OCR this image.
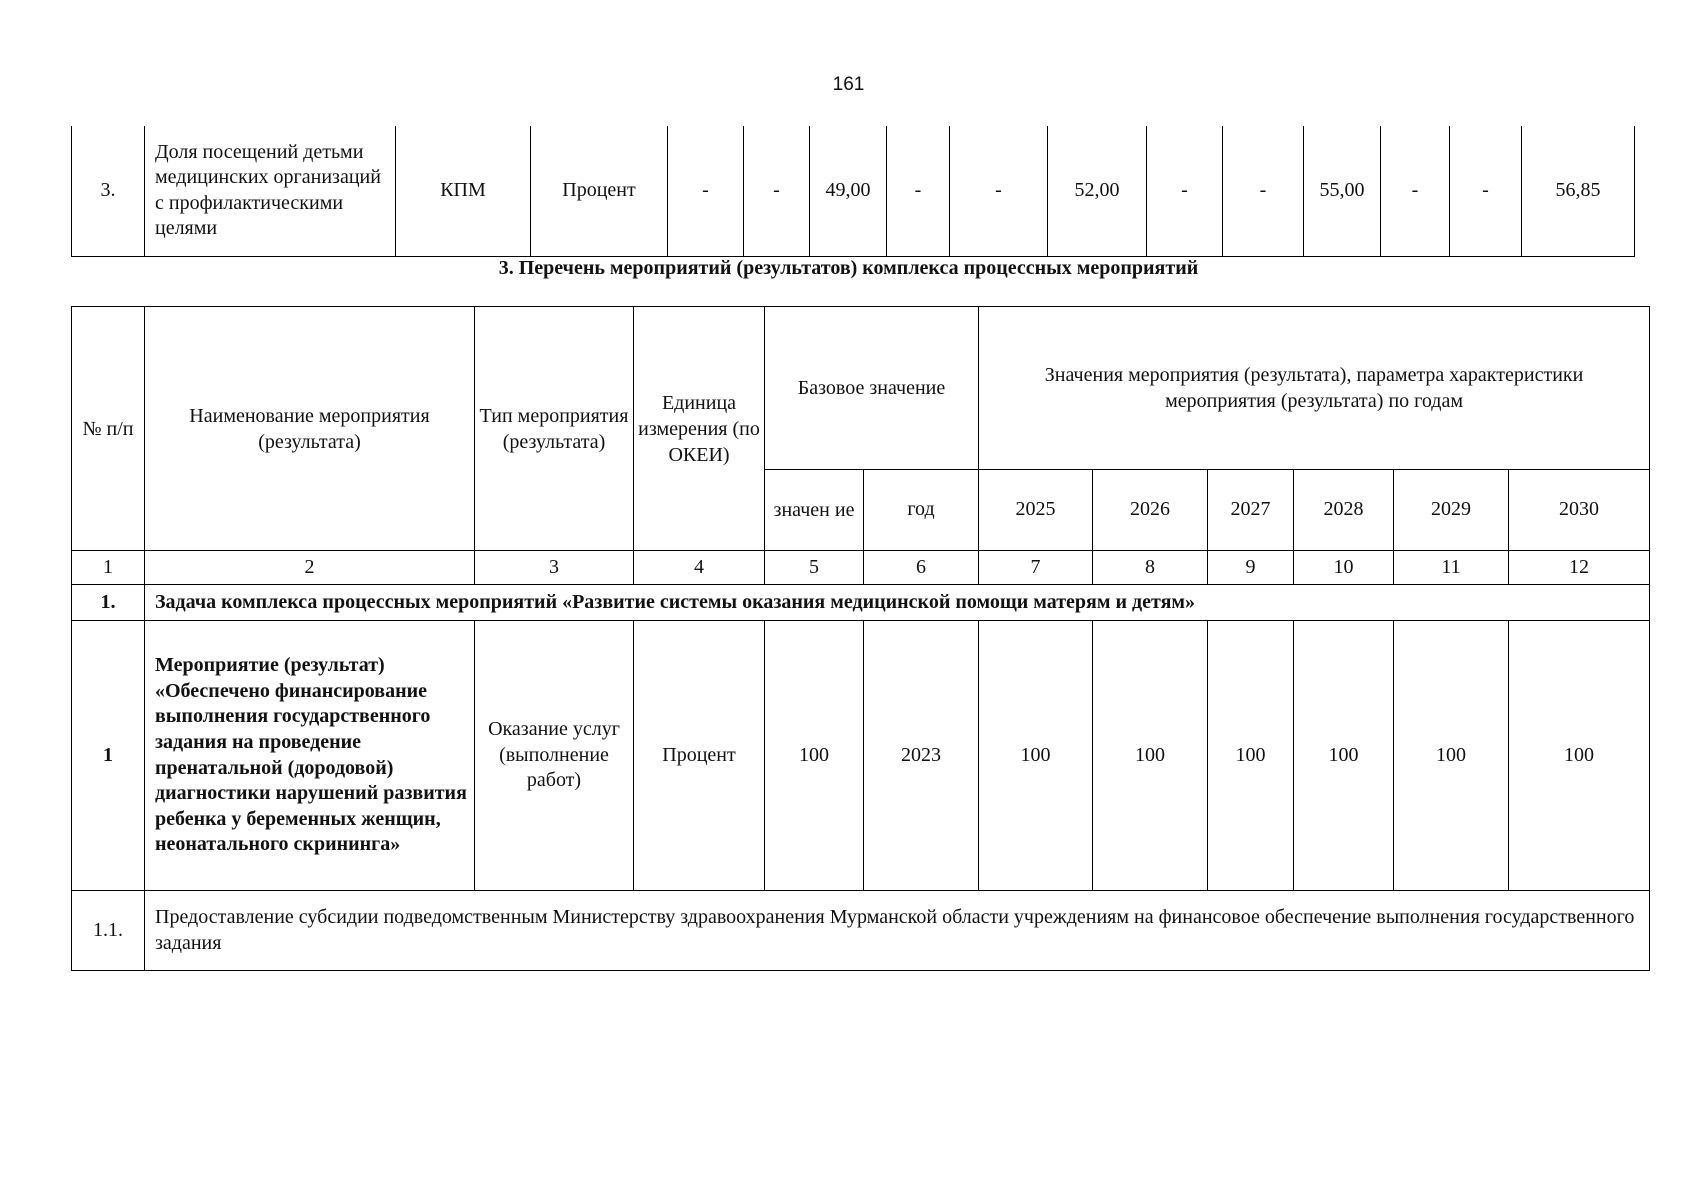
161
3.	Доля посещений детьми медицинских организаций с профилактическими целями	КПМ	Процент	-	-	49,00	-	-	52,00	-	-	55,00	-	-	56,85
3. Перечень мероприятий (результатов) комплекса процессных мероприятий
№ п/п	Наименование мероприятия (результата)	Тип мероприятия (результата)	Единица измерения (по ОКЕИ)	Базовое значение		Значения мероприятия (результата), параметра характеристики мероприятия (результата) по годам					
				значен ие	год	2025	2026	2027	2028	2029	2030
1	2	3	4	5	6	7	8	9	10	11	12
1.	Задача комплекса процессных мероприятий «Развитие системы оказания медицинской помощи матерям и детям»										
1	Мероприятие (результат) «Обеспечено финансирование выполнения государственного задания на проведение пренатальной (дородовой) диагностики нарушений развития ребенка у беременных женщин, неонатального скрининга»	Оказание услуг (выполнение работ)	Процент	100	2023	100	100	100	100	100	100
1.1.	Предоставление субсидии подведомственным Министерству здравоохранения Мурманской области учреждениям на финансовое обеспечение выполнения государственного задания										
